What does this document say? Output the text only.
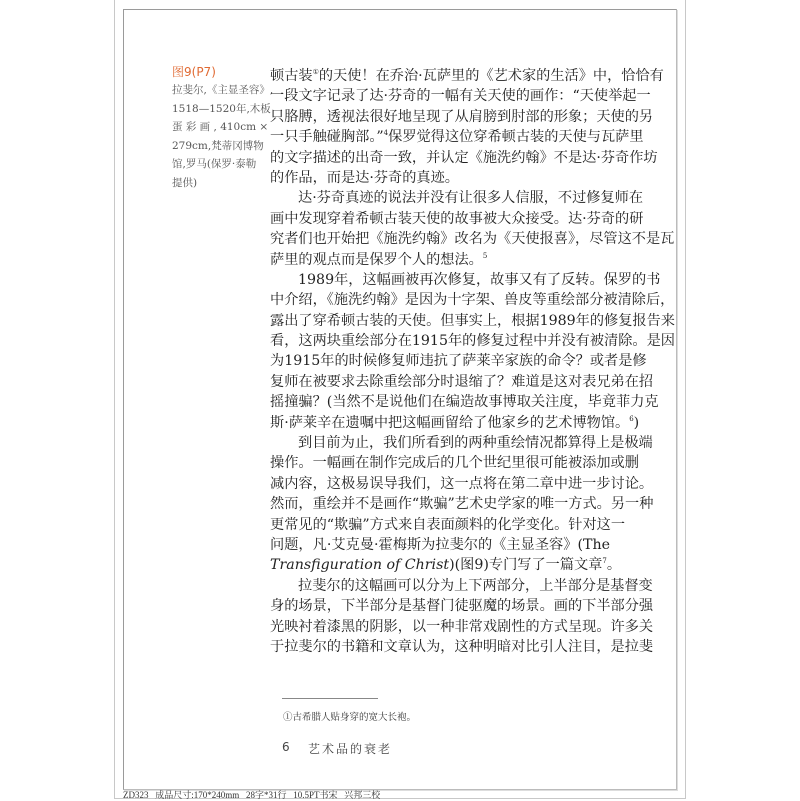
图9(P7)
拉斐尔,《主显圣容》,
1518—1520年,木板
蛋 彩 画 , 410cm ×
279cm,梵蒂冈博物
馆,罗马(保罗·泰勒
提供)
顿古装①的天使！在乔治·瓦萨里的《艺术家的生活》中，恰恰有
一段文字记录了达·芬奇的一幅有关天使的画作：“天使举起一
只胳膊，透视法很好地呈现了从肩膀到肘部的形象；天使的另
一只手触碰胸部。”$^4$保罗觉得这位穿希顿古装的天使与瓦萨里
的文字描述的出奇一致，并认定《施洗约翰》不是达·芬奇作坊
的作品，而是达·芬奇的真迹。
达·芬奇真迹的说法并没有让很多人信服，不过修复师在
画中发现穿着希顿古装天使的故事被大众接受。达·芬奇的研
究者们也开始把《施洗约翰》改名为《天使报喜》，尽管这不是瓦
萨里的观点而是保罗个人的想法。$^5$
1989年，这幅画被再次修复，故事又有了反转。保罗的书
中介绍，《施洗约翰》是因为十字架、兽皮等重绘部分被清除后，
露出了穿希顿古装的天使。但事实上，根据1989年的修复报告来
看，这两块重绘部分在1915年的修复过程中并没有被清除。是因
为1915年的时候修复师违抗了萨莱辛家族的命令？或者是修
复师在被要求去除重绘部分时退缩了？难道是这对表兄弟在招
摇撞骗？(当然不是说他们在编造故事博取关注度，毕竟菲力克
斯·萨莱辛在遗嘱中把这幅画留给了他家乡的艺术博物馆。$^6$)
到目前为止，我们所看到的两种重绘情况都算得上是极端
操作。一幅画在制作完成后的几个世纪里很可能被添加或删
减内容，这极易误导我们，这一点将在第二章中进一步讨论。
然而，重绘并不是画作“欺骗”艺术史学家的唯一方式。另一种
更常见的“欺骗”方式来自表面颜料的化学变化。针对这一
问题，凡·艾克曼·霍梅斯为拉斐尔的《主显圣容》(The
Transfiguration of Christ)(图9)专门写了一篇文章$^7$。
拉斐尔的这幅画可以分为上下两部分，上半部分是基督变
身的场景，下半部分是基督门徒驱魔的场景。画的下半部分强
光映衬着漆黑的阴影，以一种非常戏剧性的方式呈现。许多关
于拉斐尔的书籍和文章认为，这种明暗对比引人注目，是拉斐
①古希腊人贴身穿的宽大长袍。
6 艺术品的衰老
ZD323   成品尺寸:170*240mm   28字*31行   10.5PT书宋   兴邦三校
